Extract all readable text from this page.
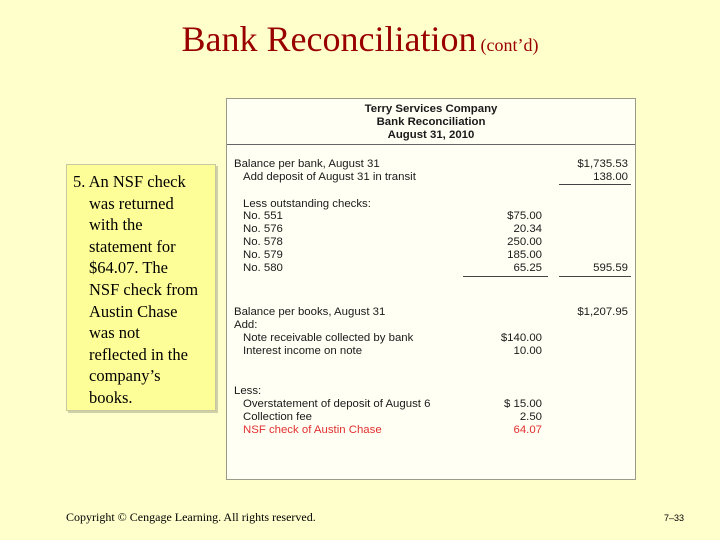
Bank Reconciliation (cont’d)
5. An NSF check
was returned
with the
statement for
$64.07. The
NSF check from
Austin Chase
was not
reflected in the
company’s
books.
Terry Services Company
Bank Reconciliation
August 31, 2010
Balance per bank, August 31	$1,735.53
Add deposit of August 31 in transit	138.00
Less outstanding checks:
No. 551	$75.00
No. 576	20.34
No. 578	250.00
No. 579	185.00
No. 580	65.25	595.59
Balance per books, August 31	$1,207.95
Add:
Note receivable collected by bank	$140.00
Interest income on note	10.00
Less:
Overstatement of deposit of August 6	$ 15.00
Collection fee	2.50
NSF check of Austin Chase	64.07
Copyright © Cengage Learning. All rights reserved.	7–33
